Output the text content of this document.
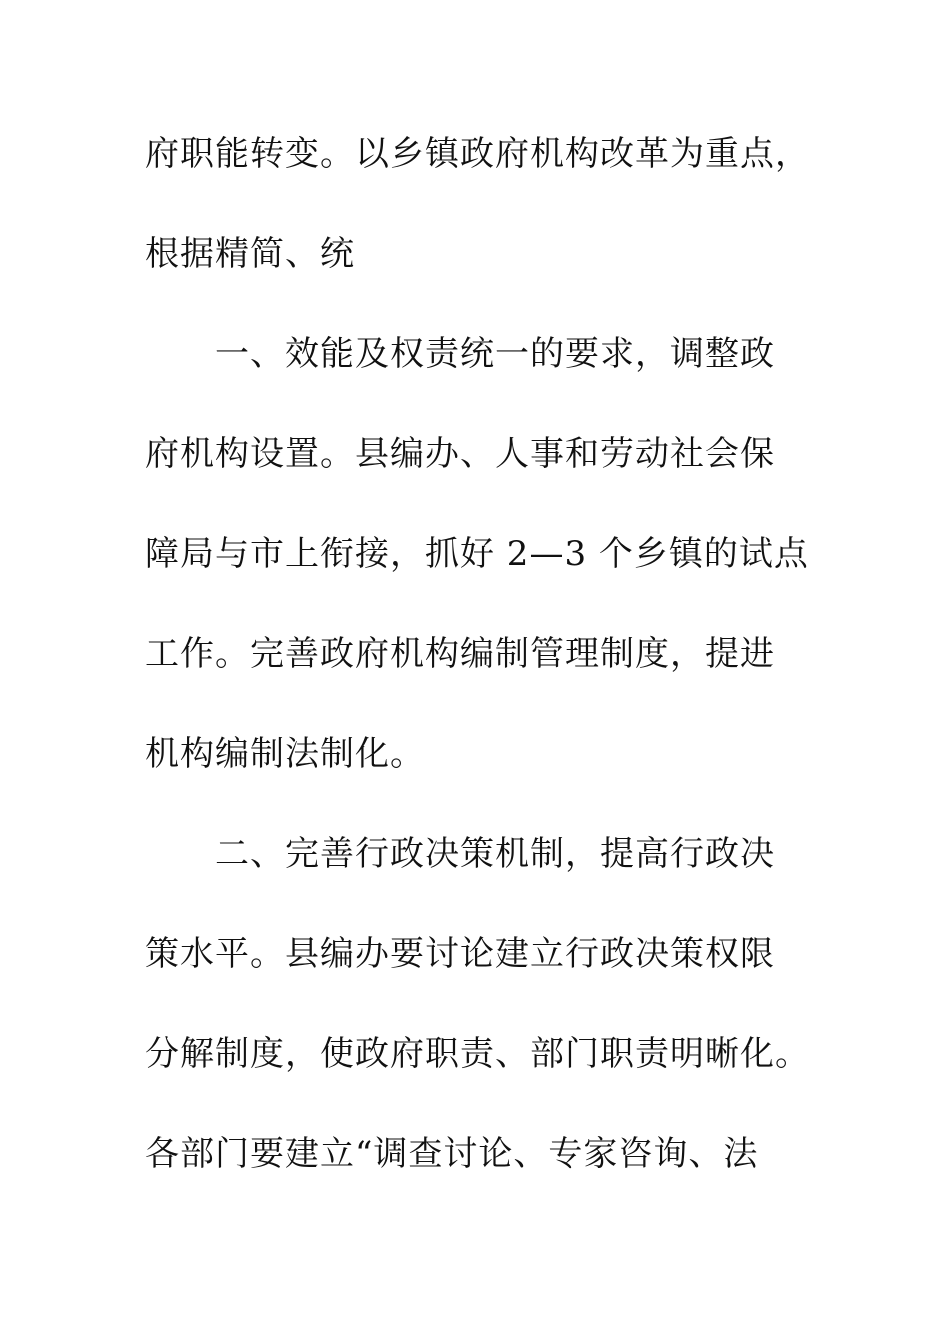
府职能转变。以乡镇政府机构改革为重点，
根据精简、统
一、效能及权责统一的要求，调整政
府机构设置。县编办、人事和劳动社会保
障局与市上衔接，抓好 2—3 个乡镇的试点
工作。完善政府机构编制管理制度，提进
机构编制法制化。
二、完善行政决策机制，提高行政决
策水平。县编办要讨论建立行政决策权限
分解制度，使政府职责、部门职责明晰化。
各部门要建立“调查讨论、专家咨询、法
